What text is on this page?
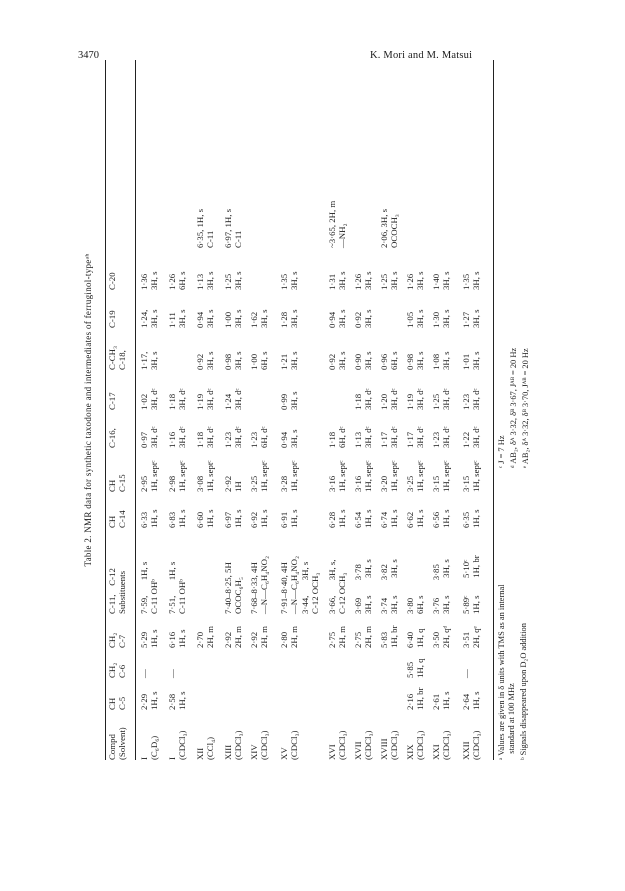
3470	K. Mori and M. Matsui
Table 2. NMR data for synthetic taxodone and intermediates of ferruginol-typeᵃʰ
Compd
(Solvent)
CH
C-5
CH₂
C-6
CH₂
C-7
C-11,    C-12
Substituents
CH
C-14
CH
C-15
C-16,
C-17
C-CH₃
C-18,
C-19
C-20
I
(C₆D₆)
2·29
1H, s
—
5·29
1H, s
7·59,       1H, s
C-11 OHᵇ
6·33
1H, s
2·95
1H, septᶜ
0·97
3H, dᶜ
1·02
3H, dᶜ
1·17,
3H, s
1·24,
3H, s
1·36
3H, s
I
(CDCl₃)
2·58
1H, s
—
6·16
1H, s
7·51,       1H, s
C-11 OHᵇ
6·83
1H, s
2·98
1H, septᶜ
1·16
3H, dᶜ
1·18
3H, dᶜ
1·11
3H, s
1·26
6H, s
XII
(CCl₄)
2·70
2H, m
6·60
1H, s
3·08
1H, septᶜ
1·18
3H, dᶜ
1·19
3H, dᶜ
0·92
3H, s
0·94
3H, s
1·13
3H, s
6·35, 1H, s
C-11
XIII
(CDCl₃)
2·92
2H, m
7·40–8·25, 5H
OCOC₆H₅
6·97
1H, s
2·92
1H
1·23
3H, dᶜ
1·24
3H, dᶜ
0·98
3H, s
1·00
3H, s
1·25
3H, s
6·97, 1H, s
C-11
XIV
(CDCl₃)
2·92
2H, m
7·68–8·33, 4H
—N—C₆H₄NO₂
6·92
1H, s
3·25
1H, septᶜ
1·23
6H, dᶜ
1·00
6H, s
1·62
3H, s
XV
(CDCl₃)
2·80
2H, m
7·91–8·40, 4H
—N—C₆H₄NO₂
3·44,       3H, s
C-12 OCH₃
6·91
1H, s
3·28
1H, septᶜ
0·94
3H, s
0·99
3H, s
1·21
3H, s
1·28
3H, s
1·35
3H, s
XVI
(CDCl₃)
2·75
2H, m
3·66,       3H, s,
C-12 OCH₃
6·28
1H, s
3·16
1H, septᶜ
1·18
6H, dᶜ
0·92
3H, s
0·94
3H, s
1·31
3H, s
~3·65, 2H, m
—NH₂
XVII
(CDCl₃)
2·75
2H, m
3·69        3·78
3H, s        3H, s
6·54
1H, s
3·16
1H, septᶜ
1·13
3H, dᶜ
1·18
3H, dᶜ
0·90
3H, s
0·92
3H, s
1·26
3H, s
XVIII
(CDCl₃)
5·83
1H, br
3·74        3·82
3H, s        3H, s
6·74
1H, s
3·20
1H, septᶜ
1·17
3H, dᶜ
1·20
3H, dᶜ
0·96
6H, s
1·25
3H, s
2·06, 3H, s
OCOCH₃
XIX
(CDCl₃)
2·16
1H, br
5·85
1H, q
6·40
1H, q
3·80
6H, s
6·62
1H, s
3·25
1H, septᶜ
1·17
3H, dᶜ
1·19
3H, dᶜ
0·98
3H, s
1·05
3H, s
1·26
3H, s
XXI
(CDCl₃)
2·61
1H, s
3·50
2H, qᵈ
3·76        3·85
3H, s        3H, s
6·56
1H, s
3·15
1H, septᶜ
1·23
3H, dᶜ
1·25
3H, dᶜ
1·08
3H, s
1·30
3H, s
1·40
3H, s
XXII
(CDCl₃)
2·64
1H, s
—
3·51
2H, qᵉ
5·89ᶜ        5·10ᶜ
1H, s        1H, br
6·35
1H, s
3·15
1H, septᶜ
1·22
3H, dᶜ
1·23
3H, dᶜ
1·01
3H, s
1·27
3H, s
1·35
3H, s
ᵃ Values are given in δ units with TMS as an internal
standard at 100 MHz ᵇ Signals disappeared upon D₂O addition
ᶜ J = 7 Hz ᵈ AB₂, δᴬ 3·32, δᴮ 3·67, Jᴬᴮ = 20 Hz ᵉ AB₂, δᴬ 3·32, δᴮ 3·70, Jᴬᴮ = 20 Hz
